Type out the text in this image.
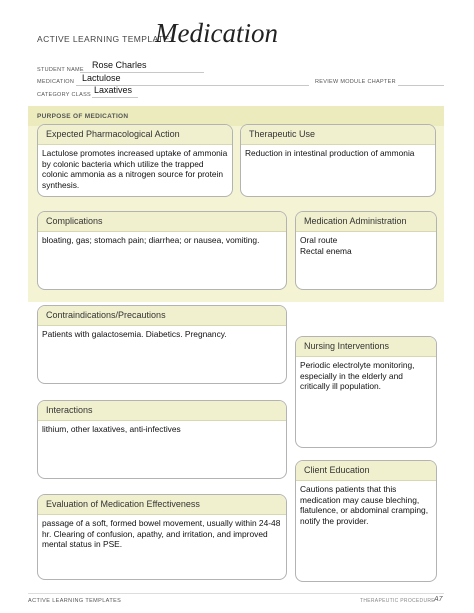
ACTIVE LEARNING TEMPLATE:
Medication
STUDENT NAME Rose Charles
MEDICATION Lactulose	REVIEW MODULE CHAPTER
CATEGORY CLASS Laxatives
PURPOSE OF MEDICATION
Expected Pharmacological Action
Lactulose promotes increased uptake of ammonia by colonic bacteria which utilize the trapped colonic ammonia as a nitrogen source for protein synthesis.
Therapeutic Use
Reduction in intestinal production of ammonia
Complications
bloating, gas; stomach pain; diarrhea; or nausea, vomiting.
Medication Administration
Oral route
Rectal enema
Contraindications/Precautions
Patients with galactosemia. Diabetics. Pregnancy.
Nursing Interventions
Periodic electrolyte monitoring, especially in the elderly and critically ill population.
Interactions
lithium, other laxatives, anti-infectives
Client Education
Cautions patients that this medication may cause bleching, flatulence, or abdominal cramping, notify the provider.
Evaluation of Medication Effectiveness
passage of a soft, formed bowel movement, usually within 24-48 hr. Clearing of confusion, apathy, and irritation, and improved mental status in PSE.
ACTIVE LEARNING TEMPLATES	THERAPEUTIC PROCEDURE A7
